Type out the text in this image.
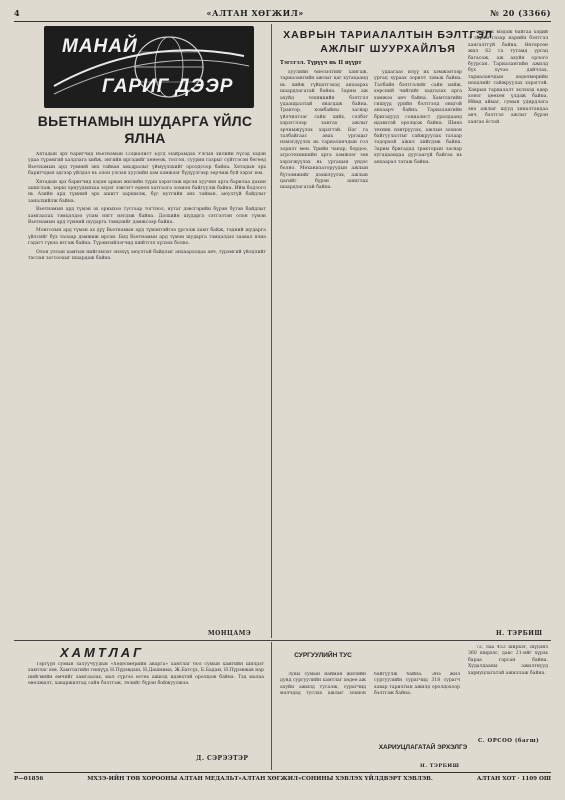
4	«АЛТАН ХӨГЖИЛ»	№ 20 (3366)
МАНАЙ
ГАРИГ ДЭЭР
ВЬЕТНАМЫН ШУДАРГА ҮЙЛС ЯЛНА

Хятадын эрх баригчид Вьетнамын Социалист Бүгд Найрамдах Улсын хилийн бүсэд хэдэн удаа түрэмгий халдлага хийж, энгийн иргэдийг хөнөөж, тосгон, суурин газрыг сүйтгэсэн бөгөөд Вьетнамын ард түмний энх тайван амьдралыг үймүүлэхийг оролдсоор байна. Хятадын эрх баригчдын эдгээр үйлдэл нь олон улсын хуулийн хэм хэмжээг бүдүүлгээр зөрчиж буй хэрэг юм.

Хятадын эрх баригчид хэдэн арван жилийн турш хэрэглэж ирсэн хуучин арга барилаа дахин ашиглаж, хөрш орнуудынхаа эсрэг зэвсэгт өдөөн хатгалга зохион байгуулж байна. Ийм бодлого нь Азийн ард түмний эрх ашигт харшилж, бүс нутгийн энх тайван, аюулгүй байдлыг заналхийлж байна.

Вьетнамын ард түмэн эх орныхоо тусгаар тогтнол, нутаг дэвсгэрийн бүрэн бүтэн байдлыг хамгаалах тэмцэлдээ улам нягт нэгдэж байна. Дэлхийн шударга сэтгэлтэн олон түмэн Вьетнамын ард түмний шударга тэмцлийг дэмжсээр байна.

Монголын ард түмэн ах дүү Вьетнамын ард түмэнтэйгээ үргэлж хамт байж, тэдний шударга үйлсийг бүх талаар дэмжиж ирсэн. Бид Вьетнамын ард түмэн шударга тэмцэлдээ заавал ялна гэдэгт гүнээ итгэж байна. Түрэмгийлэгчид шийтгэл хүлээх болно.

Олон улсын хамтын нийгэмлэг энэхүү аюултай байдлыг анхааралдаа авч, түрэмгий үйлдлийг таслан зогсоохыг шаардаж байна.

МОНЦАМЭ
ХАВРЫН ТАРИАЛАЛТЫН БЭЛТГЭЛ АЖЛЫГ ШУУРХАЙЛЪЯ
Тэгсгэл. Түрүүч нь II нүүрт

хуулийн биелэлтийг хангаж, тариалангийн ажлыг цаг хугацаанд нь хийж гүйцэтгэхэд анхаарах шаардлагатай байна. Зарим аж ахуйд техникийн бэлтгэл удаашралтай явагдаж байна. Трактор, комбайны засвар үйлчилгээг сайн хийх, сэлбэг хэрэгслээр хангах ажлыг эрчимжүүлэх хэрэгтэй. Нэг га талбайгаас авах ургацыг нэмэгдүүлэх нь тариаланчдын гол зорилт мөн. Үрийн чанар, бордоо, агротехникийн арга хэмжээг зөв хэрэгжүүлэх нь ургацын үндэс болно. Механизаторуудын ажлын бүтээмжийг дээшлүүлэх, ажлын цагийг бүрэн ашиглах шаардлагатай байна.

удаагаас илүү их хэмжээгээр ургац хураах зорилт тавьж байна. Талбайн бэлтгэлийг сайн хийж, хөрсний чийгийг хадгалах арга хэмжээ авч байна. Хамтлагийн гишүүд үрийн бэлтгэлд онцгой анхаарч байна. Тариалангийн бригадууд социалист уралдаанд идэвхтэй оролцож байна. Шинэ техник нэвтрүүлэх, ажлын зохион байгуулалтыг сайжруулах талаар тодорхой ажил хийгдэж байна. Зарим бригадад тракторын засвар хугацаандаа дуусаагүй байгаа нь анхаарал татаж байна.

судлаж мэдэж байгаа хэдий ч зарим газар нарийн бэлтгэл хангалтгүй байна. Өнгөрсөн жил 62 га тутамд ургац багасаж, аж ахуйн орлого буурсан. Тариалангийн ажилд бүх хүчээ дайчлах, тариаланчдын хөдөлмөрийн нөхцлийг сайжруулах хэрэгтэй. Хаврын тариалалт эхлэхэд өдөр хоног цөөхөн үлдэж байна. Иймд аймаг, сумын удирдлага энэ ажлыг шууд хяналтандаа авч, бэлтгэл ажлыг бүрэн хангах ёстой.

Н. ТЭРБИШ
ХАМТЛАГ

Тэргүүн сумын залуучуудын «Хөдөлмөрийн аварга» хамтлаг бол сумын хамгийн шилдэг хамтлаг юм. Хамтлагийн гишүүд Н.Пүрэвдаш, Н.Дашнима, Ж.Батсүх, Б.Бадам, Н.Пүрэвжав нар нийгмийн өмчийг хамгаалах, мал сүргээ өсгөх ажилд идэвхтэй оролцож байна. Тэд малаа өвөлжилт, хаваржилтад сайн бэлтгэж, төлийг бүрэн бойжуулжээ.

Д. СЭРЭЭТЭР
СУРГУУЛИЙН ТУС

Зуны сумын найман жилийн дунд сургуулийн хамтлаг хөдөө аж ахуйн ажилд тусалж, сурагчид малчдад туслах ажлыг зохион байгуулж байна. Энэ жил сургуулийн сурагчид 318 сурагч хавар тарилгын ажилд оролцохоор бэлтгэж байна.

Н. ТЭРБИШ
ХАРИУЦЛАГАТАЙ ЭРХЭЛГЭ

72, лаа 453 ширхэг, шүдэнз 360 ширхэг, давс 21-ийг хүрэх бараа гарсан байна. Худалдааны ажилтнууд хариуцлагатай ажиллаж байна.

С. ОРСОО (багш)
Р—01856	МХЗЭ-ИЙН ТӨВ ХОРООНЫ АЛТАН МЕДАЛЬТ«АЛТАН ХӨГЖИЛ»СОНИНЫ ХЭВЛЭХ ҮЙЛДВЭРТ ХЭВЛЭВ.	АЛТАН ХОТ · 1109 ОШ
